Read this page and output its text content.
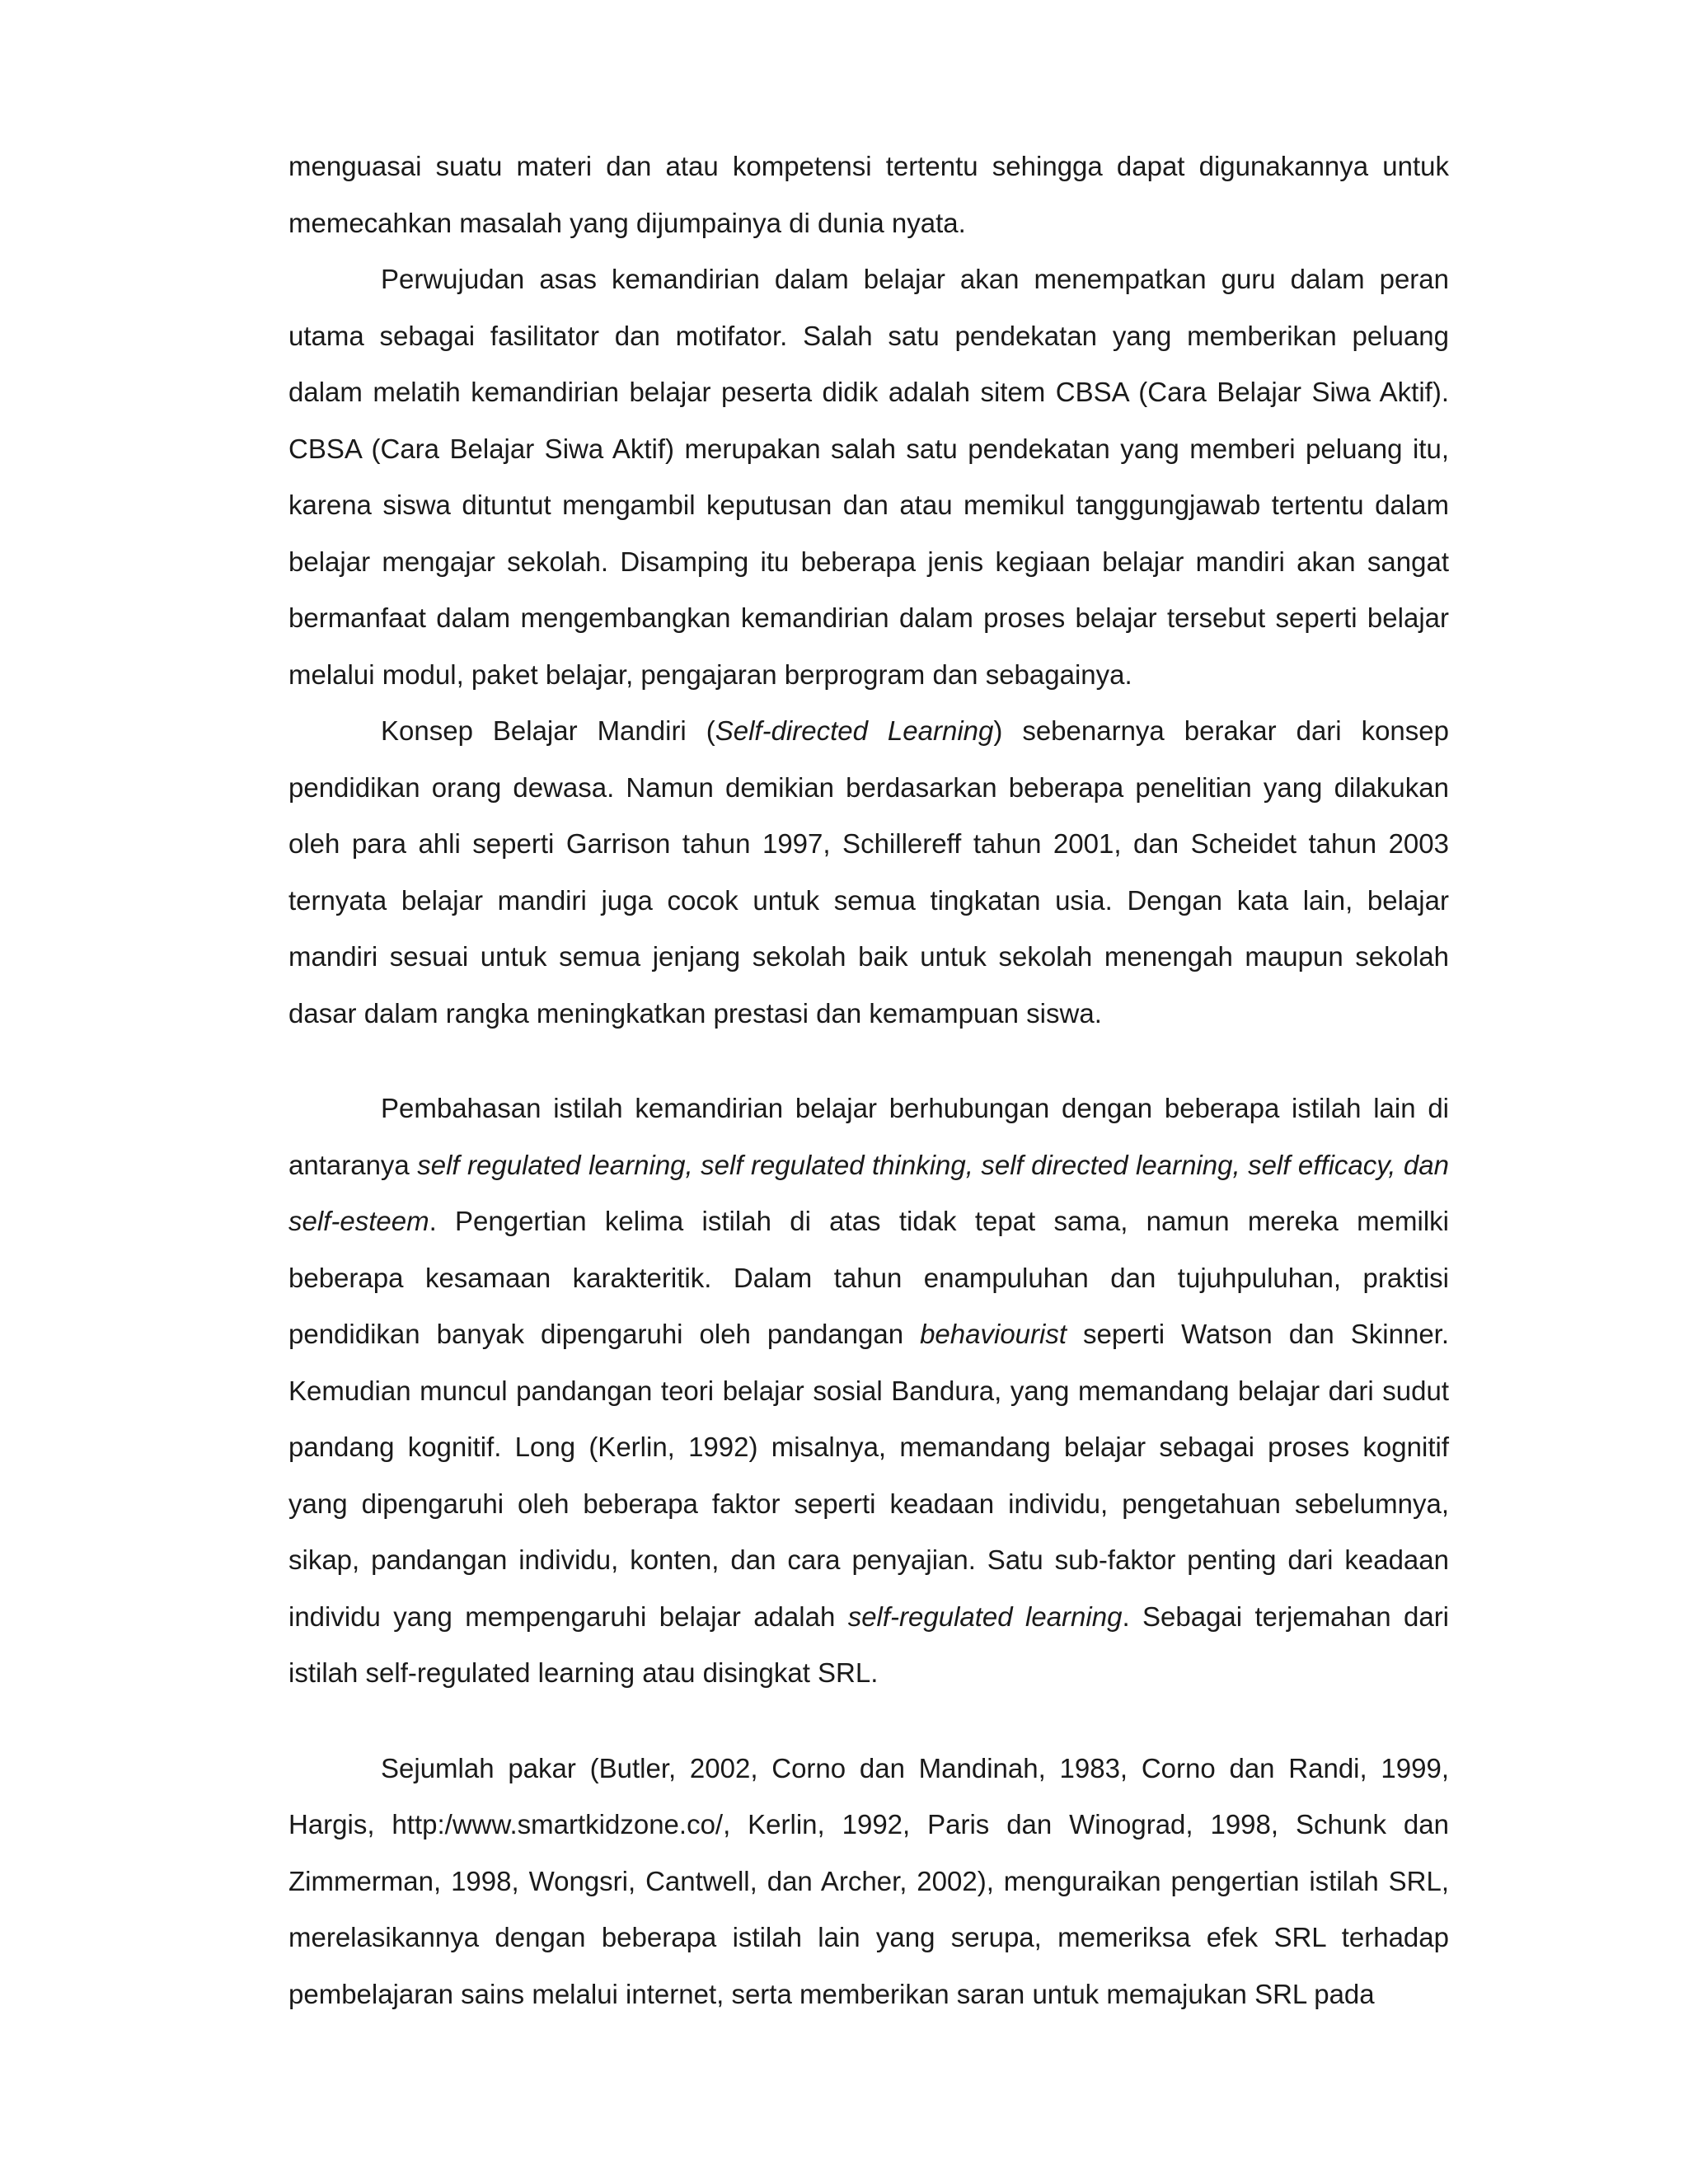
menguasai suatu materi dan atau kompetensi tertentu sehingga dapat digunakannya untuk memecahkan masalah yang dijumpainya di dunia nyata.

Perwujudan asas kemandirian dalam belajar akan menempatkan guru dalam peran utama sebagai fasilitator dan motifator. Salah satu pendekatan yang memberikan peluang dalam melatih kemandirian belajar peserta didik adalah sitem CBSA (Cara Belajar Siwa Aktif). CBSA (Cara Belajar Siwa Aktif) merupakan salah satu pendekatan yang memberi peluang itu, karena siswa dituntut mengambil keputusan dan atau memikul tanggungjawab tertentu dalam belajar mengajar sekolah. Disamping itu beberapa jenis kegiaan belajar mandiri akan sangat bermanfaat dalam mengembangkan kemandirian dalam proses belajar tersebut seperti belajar melalui modul, paket belajar, pengajaran berprogram dan sebagainya.

Konsep Belajar Mandiri (Self-directed Learning) sebenarnya berakar dari konsep pendidikan orang dewasa. Namun demikian berdasarkan beberapa penelitian yang dilakukan oleh para ahli seperti Garrison tahun 1997, Schillereff tahun 2001, dan Scheidet tahun 2003 ternyata belajar mandiri juga cocok untuk semua tingkatan usia. Dengan kata lain, belajar mandiri sesuai untuk semua jenjang sekolah baik untuk sekolah menengah maupun sekolah dasar dalam rangka meningkatkan prestasi dan kemampuan siswa.

Pembahasan istilah kemandirian belajar berhubungan dengan beberapa istilah lain di antaranya self regulated learning, self regulated thinking, self directed learning, self efficacy, dan self-esteem. Pengertian kelima istilah di atas tidak tepat sama, namun mereka memilki beberapa kesamaan karakteritik. Dalam tahun enampuluhan dan tujuhpuluhan, praktisi pendidikan banyak dipengaruhi oleh pandangan behaviourist seperti Watson dan Skinner. Kemudian muncul pandangan teori belajar sosial Bandura, yang memandang belajar dari sudut pandang kognitif. Long (Kerlin, 1992) misalnya, memandang belajar sebagai proses kognitif yang dipengaruhi oleh beberapa faktor seperti keadaan individu, pengetahuan sebelumnya, sikap, pandangan individu, konten, dan cara penyajian. Satu sub-faktor penting dari keadaan individu yang mempengaruhi belajar adalah self-regulated learning. Sebagai terjemahan dari istilah self-regulated learning atau disingkat SRL.

Sejumlah pakar (Butler, 2002, Corno dan Mandinah, 1983, Corno dan Randi, 1999, Hargis, http:/www.smartkidzone.co/, Kerlin, 1992, Paris dan Winograd, 1998, Schunk dan Zimmerman, 1998, Wongsri, Cantwell, dan Archer, 2002), menguraikan pengertian istilah SRL, merelasikannya dengan beberapa istilah lain yang serupa, memeriksa efek SRL terhadap pembelajaran sains melalui internet, serta memberikan saran untuk memajukan SRL pada
